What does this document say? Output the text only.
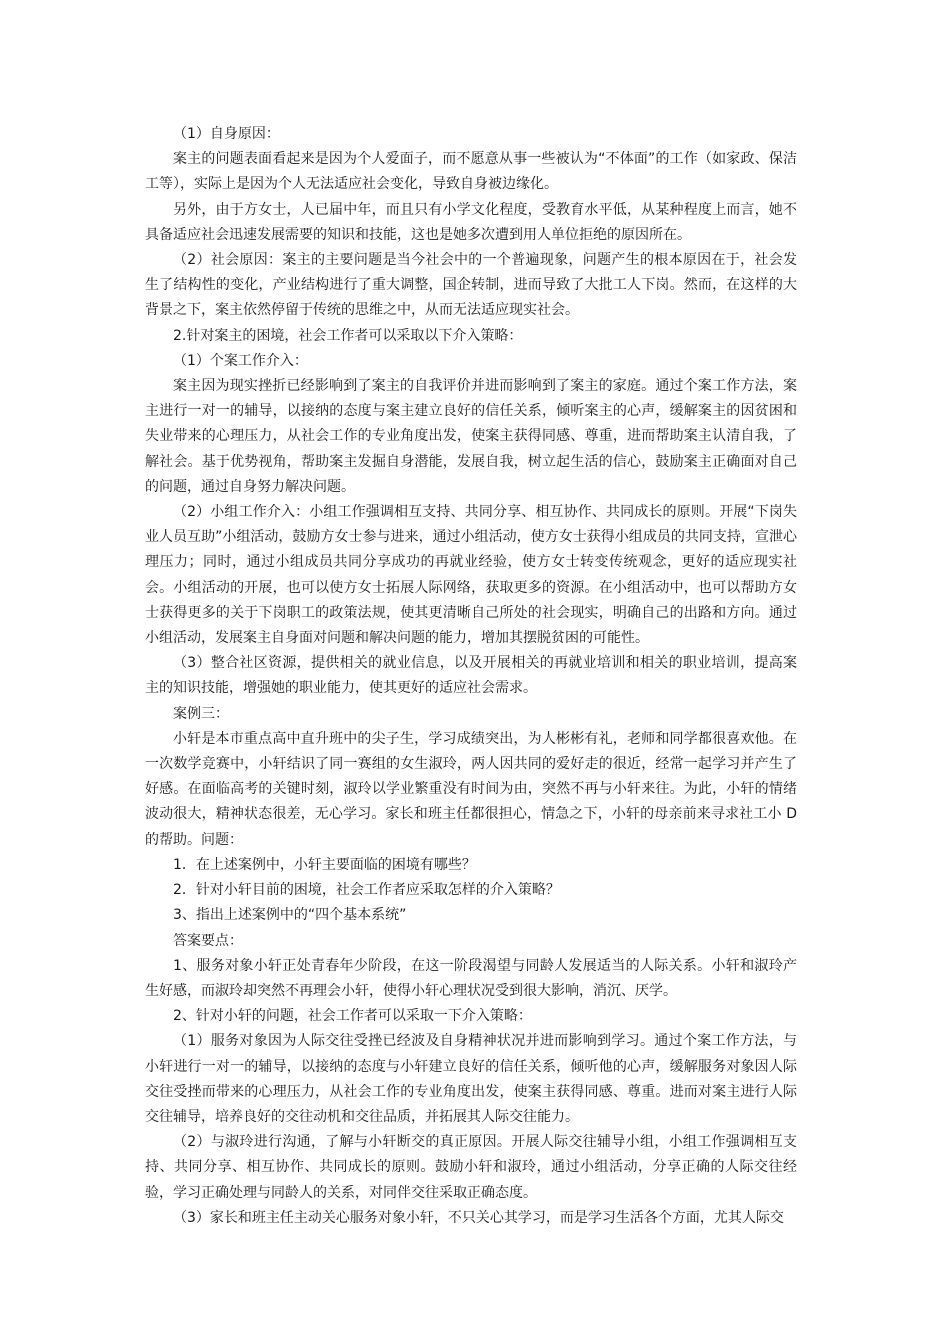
（1）自身原因：

案主的问题表面看起来是因为个人爱面子，而不愿意从事一些被认为“不体面”的工作（如家政、保洁工等），实际上是因为个人无法适应社会变化，导致自身被边缘化。

另外，由于方女士，人已届中年，而且只有小学文化程度，受教育水平低，从某种程度上而言，她不具备适应社会迅速发展需要的知识和技能，这也是她多次遭到用人单位拒绝的原因所在。

（2）社会原因：案主的主要问题是当今社会中的一个普遍现象，问题产生的根本原因在于，社会发生了结构性的变化，产业结构进行了重大调整，国企转制，进而导致了大批工人下岗。然而，在这样的大背景之下，案主依然停留于传统的思维之中，从而无法适应现实社会。

2.针对案主的困境，社会工作者可以采取以下介入策略：

（1）个案工作介入：

案主因为现实挫折已经影响到了案主的自我评价并进而影响到了案主的家庭。通过个案工作方法，案主进行一对一的辅导，以接纳的态度与案主建立良好的信任关系，倾听案主的心声，缓解案主的因贫困和失业带来的心理压力，从社会工作的专业角度出发，使案主获得同感、尊重，进而帮助案主认清自我，了解社会。基于优势视角，帮助案主发掘自身潜能，发展自我，树立起生活的信心，鼓励案主正确面对自己的问题，通过自身努力解决问题。

（2）小组工作介入：小组工作强调相互支持、共同分享、相互协作、共同成长的原则。开展“下岗失业人员互助”小组活动，鼓励方女士参与进来，通过小组活动，使方女士获得小组成员的共同支持，宣泄心理压力；同时，通过小组成员共同分享成功的再就业经验，使方女士转变传统观念，更好的适应现实社会。小组活动的开展，也可以使方女士拓展人际网络，获取更多的资源。在小组活动中，也可以帮助方女士获得更多的关于下岗职工的政策法规，使其更清晰自己所处的社会现实，明确自己的出路和方向。通过小组活动，发展案主自身面对问题和解决问题的能力，增加其摆脱贫困的可能性。

（3）整合社区资源，提供相关的就业信息，以及开展相关的再就业培训和相关的职业培训，提高案主的知识技能，增强她的职业能力，使其更好的适应社会需求。

案例三：

小轩是本市重点高中直升班中的尖子生，学习成绩突出，为人彬彬有礼，老师和同学都很喜欢他。在一次数学竞赛中，小轩结识了同一赛组的女生淑玲，两人因共同的爱好走的很近，经常一起学习并产生了好感。在面临高考的关键时刻，淑玲以学业繁重没有时间为由，突然不再与小轩来往。为此，小轩的情绪波动很大，精神状态很差，无心学习。家长和班主任都很担心，情急之下，小轩的母亲前来寻求社工小 D 的帮助。问题：

1．在上述案例中，小轩主要面临的困境有哪些？

2．针对小轩目前的困境，社会工作者应采取怎样的介入策略？

3、指出上述案例中的“四个基本系统”

答案要点：

1、服务对象小轩正处青春年少阶段，在这一阶段渴望与同龄人发展适当的人际关系。小轩和淑玲产生好感，而淑玲却突然不再理会小轩，使得小轩心理状况受到很大影响，消沉、厌学。

2、针对小轩的问题，社会工作者可以采取一下介入策略：

（1）服务对象因为人际交往受挫已经波及自身精神状况并进而影响到学习。通过个案工作方法，与小轩进行一对一的辅导，以接纳的态度与小轩建立良好的信任关系，倾听他的心声，缓解服务对象因人际交往受挫而带来的心理压力，从社会工作的专业角度出发，使案主获得同感、尊重。进而对案主进行人际交往辅导，培养良好的交往动机和交往品质，并拓展其人际交往能力。

（2）与淑玲进行沟通，了解与小轩断交的真正原因。开展人际交往辅导小组，小组工作强调相互支持、共同分享、相互协作、共同成长的原则。鼓励小轩和淑玲，通过小组活动，分享正确的人际交往经验，学习正确处理与同龄人的关系，对同伴交往采取正确态度。

（3）家长和班主任主动关心服务对象小轩，不只关心其学习，而是学习生活各个方面，尤其人际交
